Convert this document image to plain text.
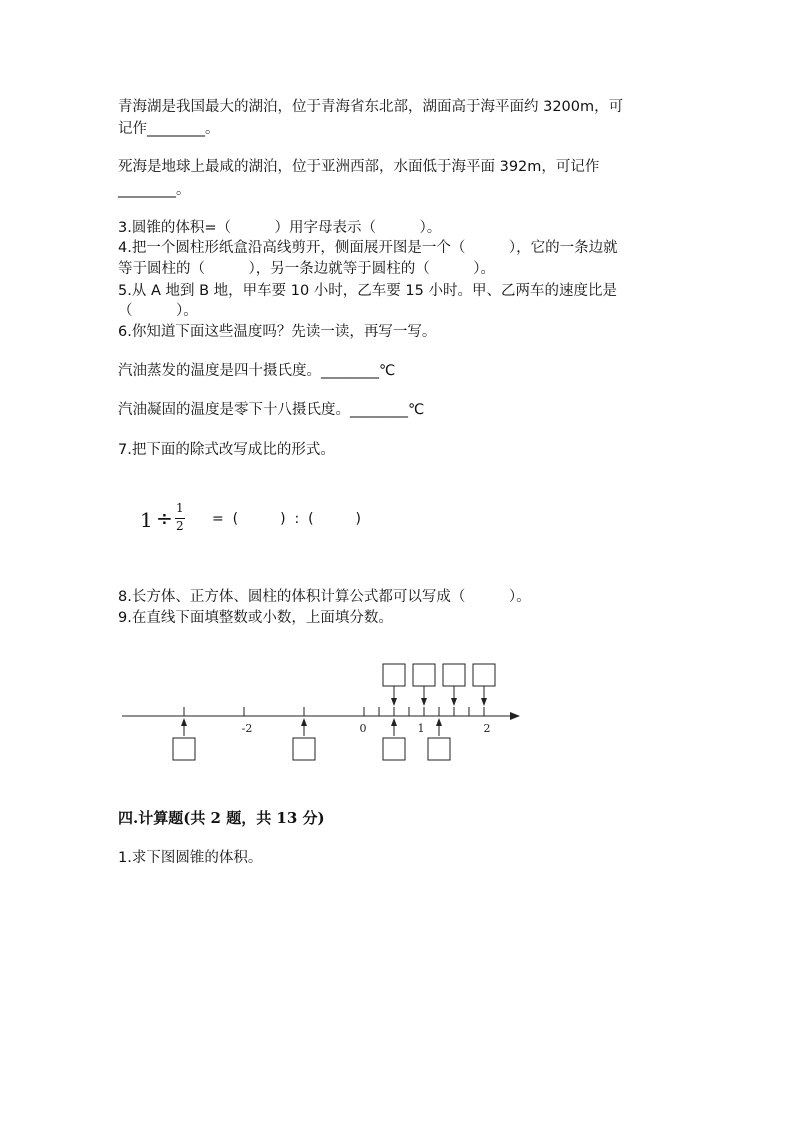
青海湖是我国最大的湖泊，位于青海省东北部，湖面高于海平面约 3200m，可
记作________。
死海是地球上最咸的湖泊，位于亚洲西部，水面低于海平面 392m，可记作
________。
3.圆锥的体积=（　　　）用字母表示（　　　）。
4.把一个圆柱形纸盒沿高线剪开，侧面展开图是一个（　　　），它的一条边就
等于圆柱的（　　　），另一条边就等于圆柱的（　　　）。
5.从 A 地到 B 地，甲车要 10 小时，乙车要 15 小时。甲、乙两车的速度比是
（　　　）。
6.你知道下面这些温度吗？先读一读，再写一写。
汽油蒸发的温度是四十摄氏度。________℃
汽油凝固的温度是零下十八摄氏度。________℃
7.把下面的除式改写成比的形式。
1 ÷ 1
2 =  (　　　)  :  (　　　)
8.长方体、正方体、圆柱的体积计算公式都可以写成（　　　）。
9.在直线下面填整数或小数，上面填分数。
-2	0	1	2
四.计算题(共 2 题，共 13 分)
1.求下图圆锥的体积。
